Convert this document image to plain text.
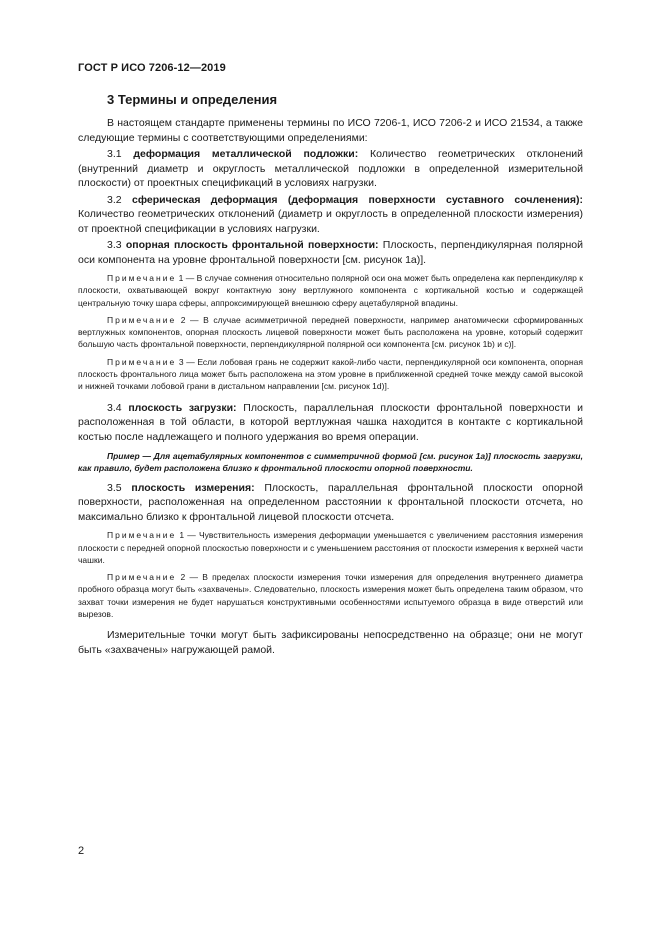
ГОСТ Р ИСО 7206-12—2019
3 Термины и определения

В настоящем стандарте применены термины по ИСО 7206-1, ИСО 7206-2 и ИСО 21534, а также следующие термины с соответствующими определениями:

3.1 деформация металлической подложки: Количество геометрических отклонений (внутренний диаметр и округлость металлической подложки в определенной измерительной плоскости) от проектных спецификаций в условиях нагрузки.

3.2 сферическая деформация (деформация поверхности суставного сочленения): Количество геометрических отклонений (диаметр и округлость в определенной плоскости измерения) от проектной спецификации в условиях нагрузки.

3.3 опорная плоскость фронтальной поверхности: Плоскость, перпендикулярная полярной оси компонента на уровне фронтальной поверхности [см. рисунок 1a)].

Примечание 1 — В случае сомнения относительно полярной оси она может быть определена как перпендикуляр к плоскости, охватывающей вокруг контактную зону вертлужного компонента с кортикальной костью и содержащей центральную точку шара сферы, аппроксимирующей внешнюю сферу ацетабулярной впадины.

Примечание 2 — В случае асимметричной передней поверхности, например анатомически сформированных вертлужных компонентов, опорная плоскость лицевой поверхности может быть расположена на уровне, который содержит большую часть фронтальной поверхности, перпендикулярной полярной оси компонента [см. рисунок 1b) и c)].

Примечание 3 — Если лобовая грань не содержит какой-либо части, перпендикулярной оси компонента, опорная плоскость фронтального лица может быть расположена на этом уровне в приближенной средней точке между самой высокой и нижней точками лобовой грани в дистальном направлении [см. рисунок 1d)].

3.4 плоскость загрузки: Плоскость, параллельная плоскости фронтальной поверхности и расположенная в той области, в которой вертлужная чашка находится в контакте с кортикальной костью после надлежащего и полного удержания во время операции.

Пример — Для ацетабулярных компонентов с симметричной формой [см. рисунок 1a)] плоскость загрузки, как правило, будет расположена близко к фронтальной плоскости опорной поверхности.

3.5 плоскость измерения: Плоскость, параллельная фронтальной плоскости опорной поверхности, расположенная на определенном расстоянии к фронтальной плоскости отсчета, но максимально близко к фронтальной лицевой плоскости отсчета.

Примечание 1 — Чувствительность измерения деформации уменьшается с увеличением расстояния измерения плоскости с передней опорной плоскостью поверхности и с уменьшением расстояния от плоскости измерения к верхней части чашки.

Примечание 2 — В пределах плоскости измерения точки измерения для определения внутреннего диаметра пробного образца могут быть «захвачены». Следовательно, плоскость измерения может быть определена таким образом, что захват точки измерения не будет нарушаться конструктивными особенностями испытуемого образца в виде отверстий или вырезов.

Измерительные точки могут быть зафиксированы непосредственно на образце; они не могут быть «захвачены» нагружающей рамой.

2
